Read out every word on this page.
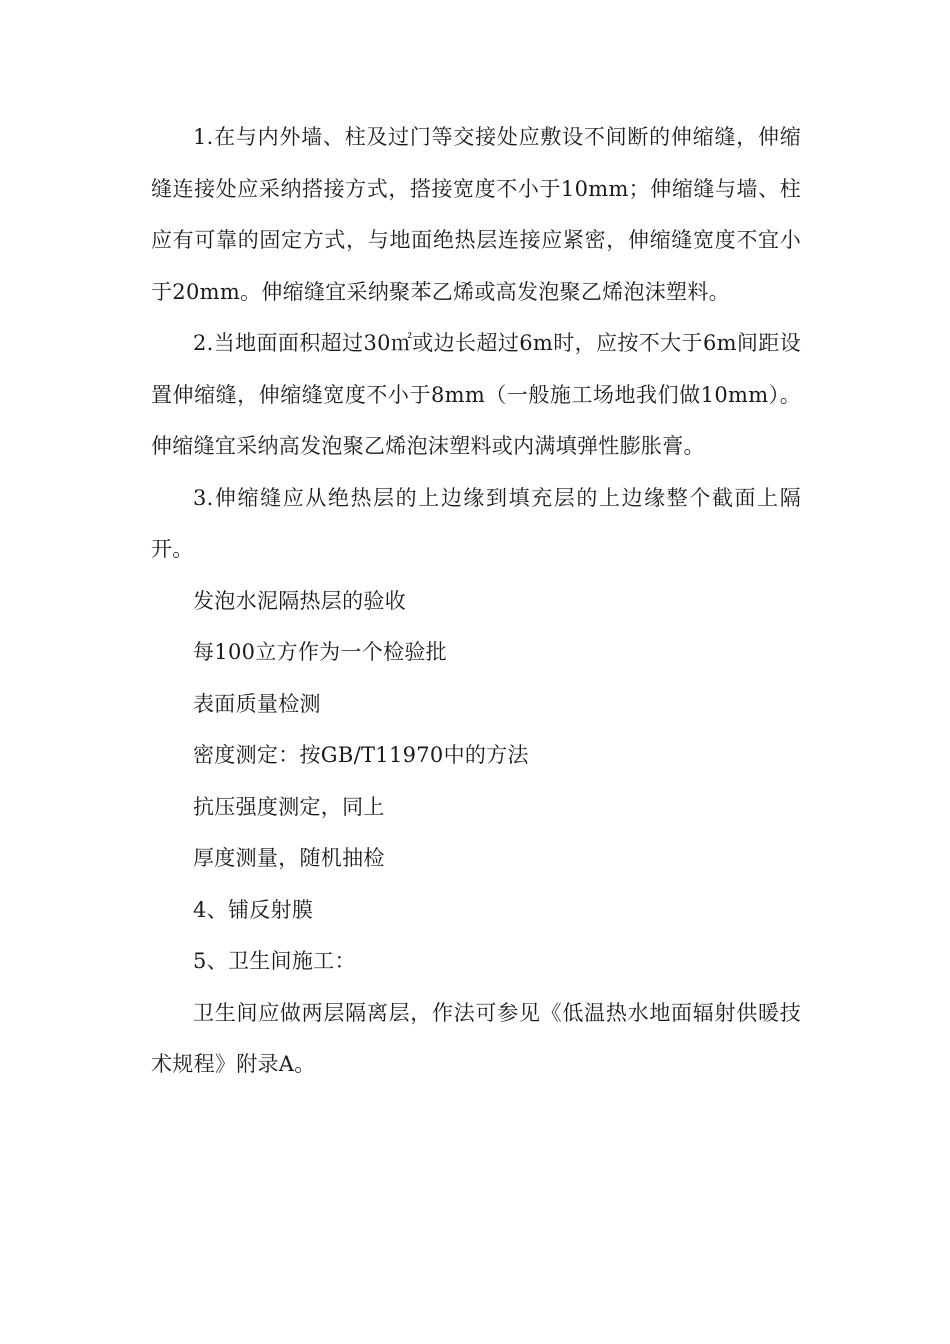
1.在与内外墙、柱及过门等交接处应敷设不间断的伸缩缝，伸缩缝连接处应采纳搭接方式，搭接宽度不小于10mm；伸缩缝与墙、柱应有可靠的固定方式，与地面绝热层连接应紧密，伸缩缝宽度不宜小于20mm。伸缩缝宜采纳聚苯乙烯或高发泡聚乙烯泡沫塑料。

2.当地面面积超过30㎡或边长超过6m时，应按不大于6m间距设置伸缩缝，伸缩缝宽度不小于8mm（一般施工场地我们做10mm）。伸缩缝宜采纳高发泡聚乙烯泡沫塑料或内满填弹性膨胀膏。

3.伸缩缝应从绝热层的上边缘到填充层的上边缘整个截面上隔开。

发泡水泥隔热层的验收

每100立方作为一个检验批

表面质量检测

密度测定：按GB/T11970中的方法

抗压强度测定，同上

厚度测量，随机抽检

4、铺反射膜

5、卫生间施工：

卫生间应做两层隔离层，作法可参见《低温热水地面辐射供暖技术规程》附录A。
